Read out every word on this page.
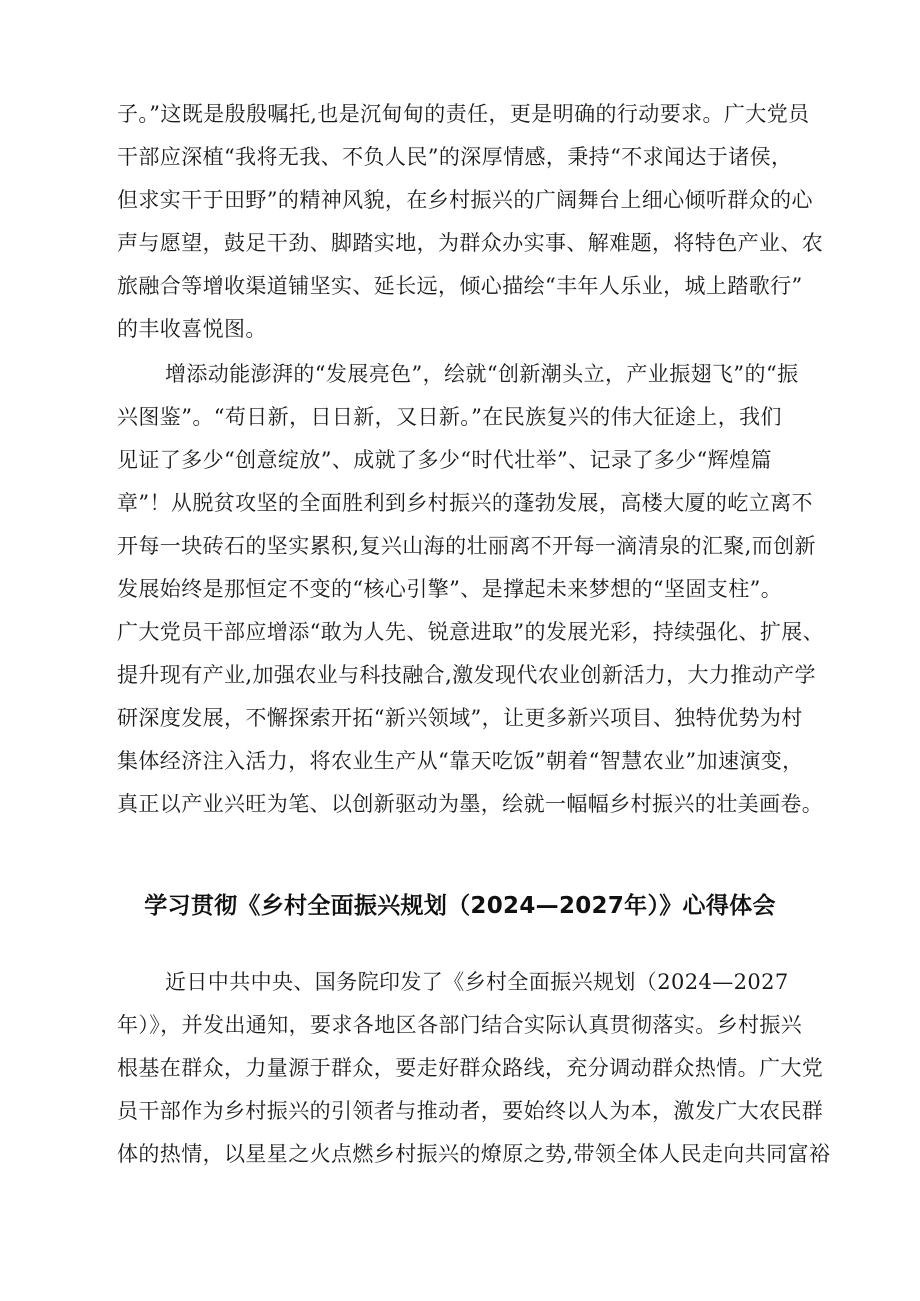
子。”这既是殷殷嘱托,也是沉甸甸的责任，更是明确的行动要求。广大党员
干部应深植“我将无我、不负人民”的深厚情感，秉持“不求闻达于诸侯，
但求实干于田野”的精神风貌，在乡村振兴的广阔舞台上细心倾听群众的心
声与愿望，鼓足干劲、脚踏实地，为群众办实事、解难题，将特色产业、农
旅融合等增收渠道铺坚实、延长远，倾心描绘“丰年人乐业，城上踏歌行”
的丰收喜悦图。
增添动能澎湃的“发展亮色”，绘就“创新潮头立，产业振翅飞”的“振
兴图鉴”。“苟日新，日日新，又日新。”在民族复兴的伟大征途上，我们
见证了多少“创意绽放”、成就了多少“时代壮举”、记录了多少“辉煌篇
章”！从脱贫攻坚的全面胜利到乡村振兴的蓬勃发展，高楼大厦的屹立离不
开每一块砖石的坚实累积,复兴山海的壮丽离不开每一滴清泉的汇聚,而创新
发展始终是那恒定不变的“核心引擎”、是撑起未来梦想的“坚固支柱”。
广大党员干部应增添“敢为人先、锐意进取”的发展光彩，持续强化、扩展、
提升现有产业,加强农业与科技融合,激发现代农业创新活力，大力推动产学
研深度发展，不懈探索开拓“新兴领域”，让更多新兴项目、独特优势为村
集体经济注入活力，将农业生产从“靠天吃饭”朝着“智慧农业”加速演变，
真正以产业兴旺为笔、以创新驱动为墨，绘就一幅幅乡村振兴的壮美画卷。
学习贯彻《乡村全面振兴规划（2024—2027年）》心得体会
近日中共中央、国务院印发了《乡村全面振兴规划（2024—2027
年）》，并发出通知，要求各地区各部门结合实际认真贯彻落实。乡村振兴
根基在群众，力量源于群众，要走好群众路线，充分调动群众热情。广大党
员干部作为乡村振兴的引领者与推动者，要始终以人为本，激发广大农民群
体的热情，以星星之火点燃乡村振兴的燎原之势,带领全体人民走向共同富裕
